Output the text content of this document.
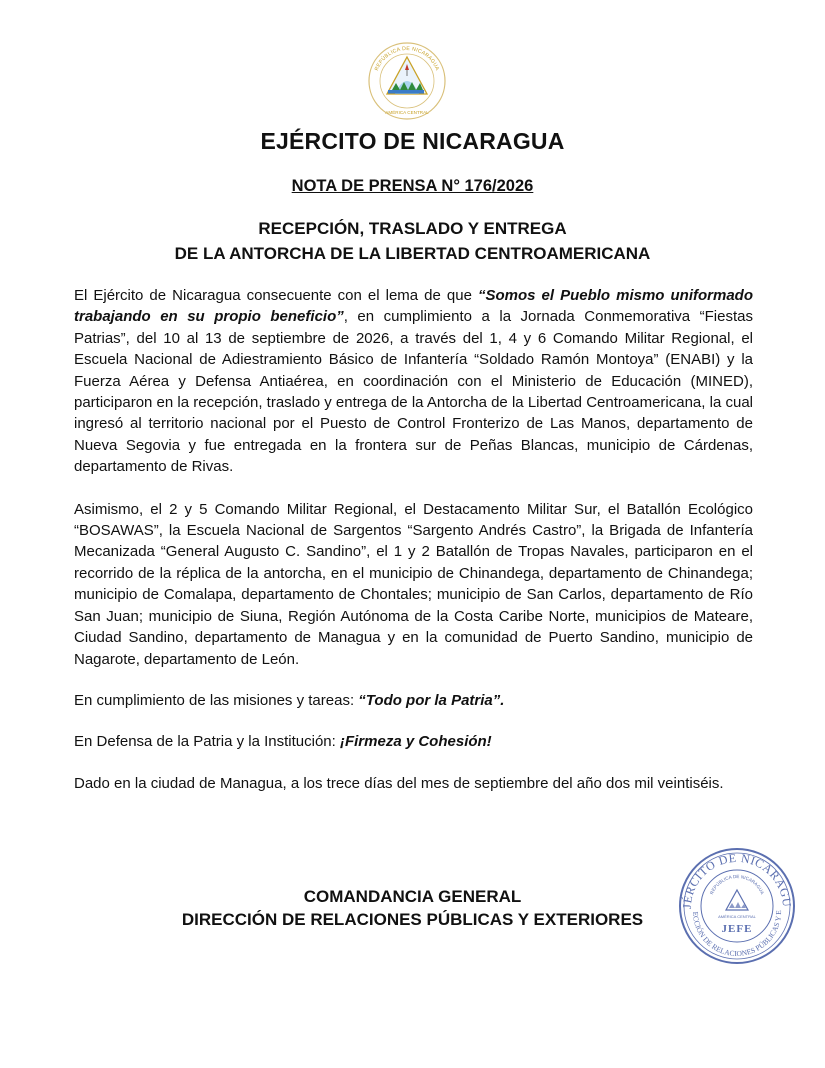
REPÚBLICA DE NICARAGUA
AMÉRICA CENTRAL
EJÉRCITO DE NICARAGUA
NOTA DE PRENSA N° 176/2026
RECEPCIÓN, TRASLADO Y ENTREGA
DE LA ANTORCHA DE LA LIBERTAD CENTROAMERICANA

El Ejército de Nicaragua consecuente con el lema de que “Somos el Pueblo mismo uniformado trabajando en su propio beneficio”, en cumplimiento a la Jornada Conmemorativa “Fiestas Patrias”, del 10 al 13 de septiembre de 2026, a través del 1, 4 y 6 Comando Militar Regional, el Escuela Nacional de Adiestramiento Básico de Infantería “Soldado Ramón Montoya” (ENABI) y la Fuerza Aérea y Defensa Antiaérea, en coordinación con el Ministerio de Educación (MINED), participaron en la recepción, traslado y entrega de la Antorcha de la Libertad Centroamericana, la cual ingresó al territorio nacional por el Puesto de Control Fronterizo de Las Manos, departamento de Nueva Segovia y fue entregada en la frontera sur de Peñas Blancas, municipio de Cárdenas, departamento de Rivas.

Asimismo, el 2 y 5 Comando Militar Regional, el Destacamento Militar Sur, el Batallón Ecológico “BOSAWAS”, la Escuela Nacional de Sargentos “Sargento Andrés Castro”, la Brigada de Infantería Mecanizada “General Augusto C. Sandino”, el 1 y 2 Batallón de Tropas Navales, participaron en el recorrido de la réplica de la antorcha, en el municipio de Chinandega, departamento de Chinandega; municipio de Comalapa, departamento de Chontales; municipio de San Carlos, departamento de Río San Juan; municipio de Siuna, Región Autónoma de la Costa Caribe Norte, municipios de Mateare, Ciudad Sandino, departamento de Managua y en la comunidad de Puerto Sandino, municipio de Nagarote, departamento de León.

En cumplimiento de las misiones y tareas: “Todo por la Patria”.

En Defensa de la Patria y la Institución: ¡Firmeza y Cohesión!

Dado en la ciudad de Managua, a los trece días del mes de septiembre del año dos mil veintiséis.

COMANDANCIA GENERAL
DIRECCIÓN DE RELACIONES PÚBLICAS Y EXTERIORES
JÉRCITO DE NICARAGU
ECCIÓN DE RELACIONES PÚBLICAS Y E
REPÚBLICA DE NICARAGUA
AMÉRICA CENTRAL
JEFE
